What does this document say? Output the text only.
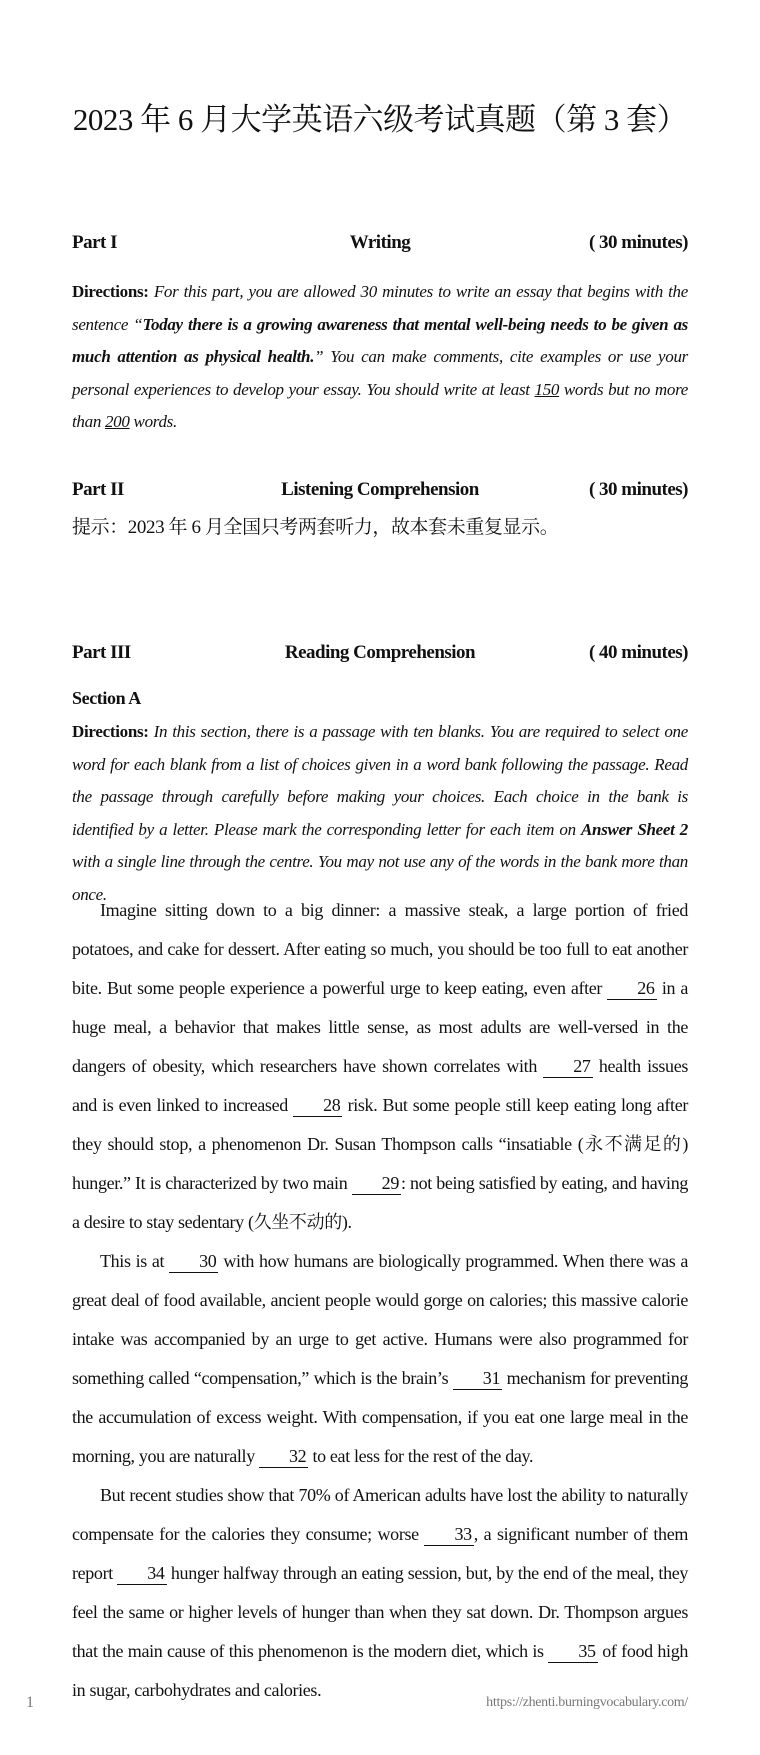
2023 年 6 月大学英语六级考试真题（第 3 套）
Part I	Writing	( 30 minutes)
Directions: For this part, you are allowed 30 minutes to write an essay that begins with the sentence “Today there is a growing awareness that mental well-being needs to be given as much attention as physical health.” You can make comments, cite examples or use your personal experiences to develop your essay. You should write at least 150 words but no more than 200 words.
Part II	Listening Comprehension	( 30 minutes)
提示：2023 年 6 月全国只考两套听力，故本套未重复显示。
Part III	Reading Comprehension	( 40 minutes)
Section A
Directions: In this section, there is a passage with ten blanks. You are required to select one word for each blank from a list of choices given in a word bank following the passage. Read the passage through carefully before making your choices. Each choice in the bank is identified by a letter. Please mark the corresponding letter for each item on Answer Sheet 2 with a single line through the centre. You may not use any of the words in the bank more than once.

Imagine sitting down to a big dinner: a massive steak, a large portion of fried potatoes, and cake for dessert. After eating so much, you should be too full to eat another bite. But some people experience a powerful urge to keep eating, even after 26 in a huge meal, a behavior that makes little sense, as most adults are well-versed in the dangers of obesity, which researchers have shown correlates with 27 health issues and is even linked to increased 28 risk. But some people still keep eating long after they should stop, a phenomenon Dr. Susan Thompson calls “insatiable (永不满足的) hunger.” It is characterized by two main 29 : not being satisfied by eating, and having a desire to stay sedentary (久坐不动的).

This is at 30 with how humans are biologically programmed. When there was a great deal of food available, ancient people would gorge on calories; this massive calorie intake was accompanied by an urge to get active. Humans were also programmed for something called “compensation,” which is the brain’s 31 mechanism for preventing the accumulation of excess weight. With compensation, if you eat one large meal in the morning, you are naturally 32 to eat less for the rest of the day.

But recent studies show that 70% of American adults have lost the ability to naturally compensate for the calories they consume; worse 33 , a significant number of them report 34 hunger halfway through an eating session, but, by the end of the meal, they feel the same or higher levels of hunger than when they sat down. Dr. Thompson argues that the main cause of this phenomenon is the modern diet, which is 35 of food high in sugar, carbohydrates and calories.

1	https://zhenti.burningvocabulary.com/
